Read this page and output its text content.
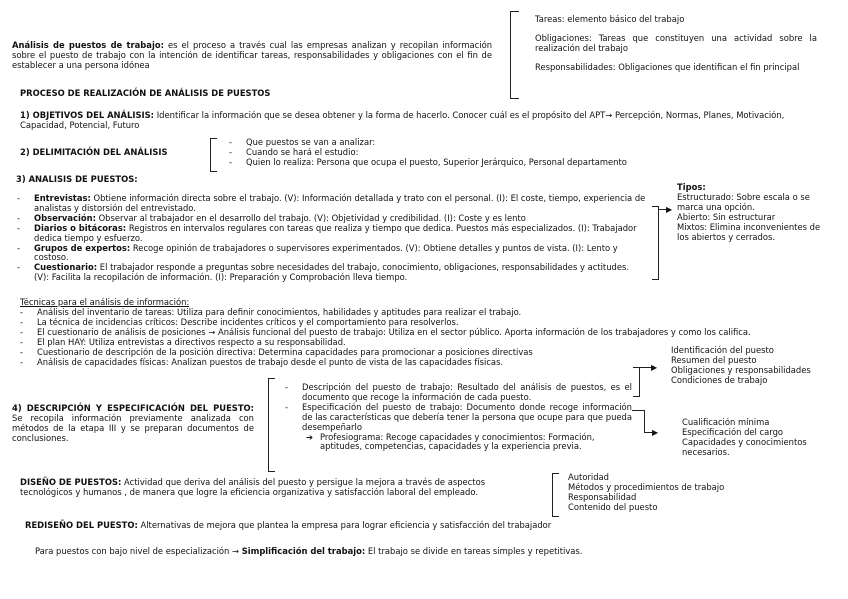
Análisis de puestos de trabajo: es el proceso a través cual las empresas analizan y recopilan información sobre el puesto de trabajo con la intención de identificar tareas, responsabilidades y obligaciones con el fin de establecer a una persona idónea

Tareas: elemento básico del trabajo

Obligaciones: Tareas que constituyen una actividad sobre la realización del trabajo

Responsabilidades: Obligaciones que identifican el fin principal

PROCESO DE REALIZACIÓN DE ANÁLISIS DE PUESTOS
1) OBJETIVOS DEL ANÁLISIS: Identificar la información que se desea obtener y la forma de hacerlo. Conocer cuál es el propósito del APT→ Percepción, Normas, Planes, Motivación, Capacidad, Potencial, Futuro
2) DELIMITACIÓN DEL ANÁLISIS

- Que puestos se van a analizar:

- Cuando se hará el estudio:

- Quien lo realiza: Persona que ocupa el puesto, Superior Jerárquico, Personal departamento

3) ANALISIS DE PUESTOS:

- Entrevistas: Obtiene información directa sobre el trabajo. (V): Información detallada y trato con el personal. (I): El coste, tiempo, experiencia de analistas y distorsión del entrevistado.

- Observación: Observar al trabajador en el desarrollo del trabajo. (V): Objetividad y credibilidad. (I): Coste y es lento

- Diarios o bitácoras: Registros en intervalos regulares con tareas que realiza y tiempo que dedica. Puestos más especializados. (I): Trabajador dedica tiempo y esfuerzo.

- Grupos de expertos: Recoge opinión de trabajadores o supervisores experimentados. (V): Obtiene detalles y puntos de vista. (I): Lento y costoso.

- Cuestionario: El trabajador responde a preguntas sobre necesidades del trabajo, conocimiento, obligaciones, responsabilidades y actitudes. (V): Facilita la recopilación de información. (I): Preparación y Comprobación lleva tiempo.

▶

Tipos:

Estructurado: Sobre escala o se marca una opción.

Abierto: Sin estructurar

Mixtos: Elimina inconvenientes de los abiertos y cerrados.

Técnicas para el análisis de información:

- Análisis del inventario de tareas: Utiliza para definir conocimientos, habilidades y aptitudes para realizar el trabajo.

- La técnica de incidencias críticos: Describe incidentes críticos y el comportamiento para resolverlos.

- El cuestionario de análisis de posiciones → Análisis funcional del puesto de trabajo: Utiliza en el sector público. Aporta información de los trabajadores y como los califica.

- El plan HAY: Utiliza entrevistas a directivos respecto a su responsabilidad.

- Cuestionario de descripción de la posición directiva: Determina capacidades para promocionar a posiciones directivas

- Análisis de capacidades físicas: Analizan puestos de trabajo desde el punto de vista de las capacidades físicas.

4) DESCRIPCIÓN Y ESPECIFICACIÓN DEL PUESTO: Se recopila información previamente analizada con métodos de la etapa III y se preparan documentos de conclusiones.

- Descripción del puesto de trabajo: Resultado del análisis de puestos, es el documento que recoge la información de cada puesto.

- Especificación del puesto de trabajo: Documento donde recoge información de las características que debería tener la persona que ocupe para que pueda desempeñarlo

➔ Profesiograma: Recoge capacidades y conocimientos: Formación, aptitudes, competencias, capacidades y la experiencia previa.

▶

Identificación del puesto

Resumen del puesto

Obligaciones y responsabilidades

Condiciones de trabajo

▶

Cualificación mínima

Especificación del cargo

Capacidades y conocimientos necesarios.

DISEÑO DE PUESTOS: Actividad que deriva del análisis del puesto y persigue la mejora a través de aspectos tecnológicos y humanos , de manera que logre la eficiencia organizativa y satisfacción laboral del empleado.

Autoridad

Métodos y procedimientos de trabajo

Responsabilidad

Contenido del puesto

REDISEÑO DEL PUESTO: Alternativas de mejora que plantea la empresa para lograr eficiencia y satisfacción del trabajador
Para puestos con bajo nivel de especialización → Simplificación del trabajo: El trabajo se divide en tareas simples y repetitivas.
